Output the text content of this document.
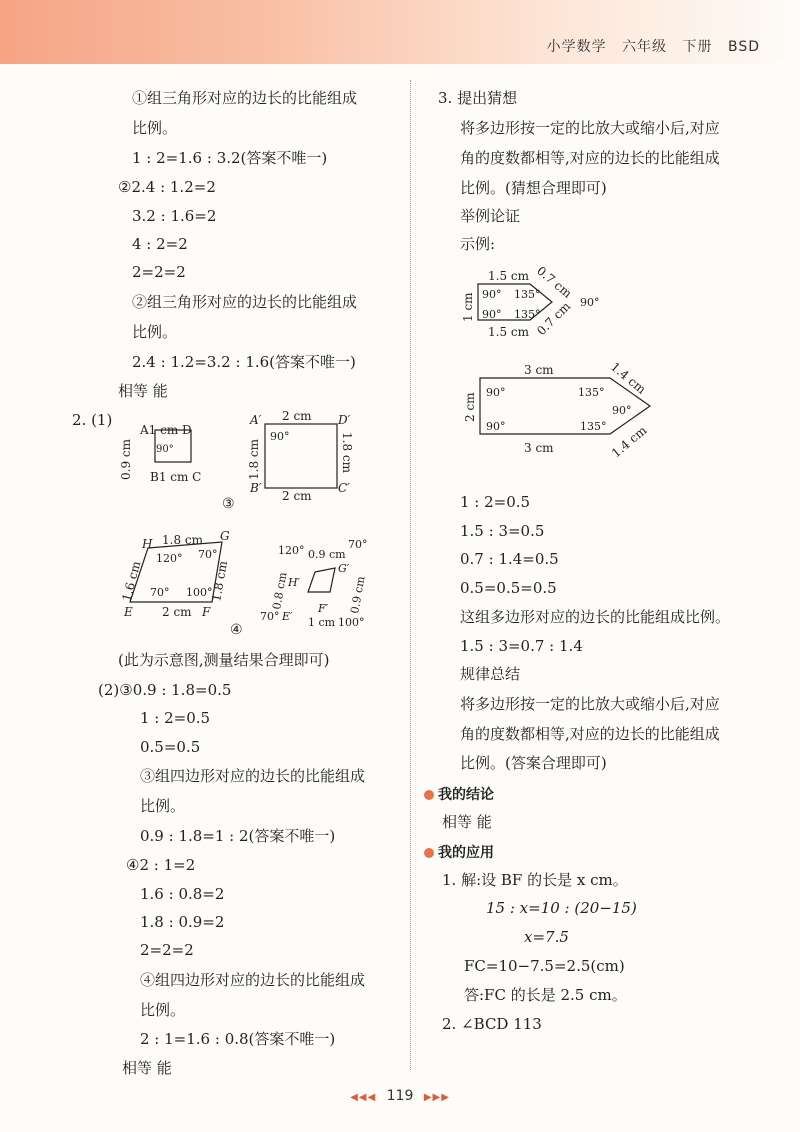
小学数学 六年级 下册 BSD
①组三角形对应的边长的比能组成
比例。
1 : 2=1.6 : 3.2(答案不唯一)
②2.4 : 1.2=2
3.2 : 1.6=2
4 : 2=2
2=2=2
②组三角形对应的边长的比能组成
比例。
2.4 : 1.2=3.2 : 1.6(答案不唯一)
相等 能
2. (1)
A1 cm D
0.9 cm B1 cm C
90°
2 cm
2 cm
1.8 cm	1.8 cm
90°
A′	D′
B′	C′
③
H
G
E	F
1.8 cm
2 cm
1.6 cm	1.8 cm
120° 70°
70° 100°
120° 0.9 cm
1 cm
H′
G′
70° E′
F′
100°
0.8 cm	0.9 cm
70°
④
(此为示意图,测量结果合理即可)
(2)③0.9 : 1.8=0.5
1 : 2=0.5
0.5=0.5
③组四边形对应的边长的比能组成
比例。
0.9 : 1.8=1 : 2(答案不唯一)
④2 : 1=2
1.6 : 0.8=2
1.8 : 0.9=2
2=2=2
④组四边形对应的边长的比能组成
比例。
2 : 1=1.6 : 0.8(答案不唯一)
相等 能
3. 提出猜想
将多边形按一定的比放大或缩小后,对应
角的度数都相等,对应的边长的比能组成
比例。(猜想合理即可)
举例论证
示例:
1.5 cm
1.5 cm
1 cm
0.7 cm
0.7 cm
90°
90°
135°
135°
90°
3 cm
3 cm
2 cm
1.4 cm
1.4 cm
90°
90°
135°
135°
90°
1 : 2=0.5
1.5 : 3=0.5
0.7 : 1.4=0.5
0.5=0.5=0.5
这组多边形对应的边长的比能组成比例。
1.5 : 3=0.7 : 1.4
规律总结
将多边形按一定的比放大或缩小后,对应
角的度数都相等,对应的边长的比能组成
比例。(答案合理即可)
我的结论
相等 能
我的应用
1. 解:设 BF 的长是 x cm。
15 : x=10 : (20−15)
x=7.5
FC=10−7.5=2.5(cm)
答:FC 的长是 2.5 cm。
2. ∠BCD 113
◀◀◀ 119 ▶▶▶
